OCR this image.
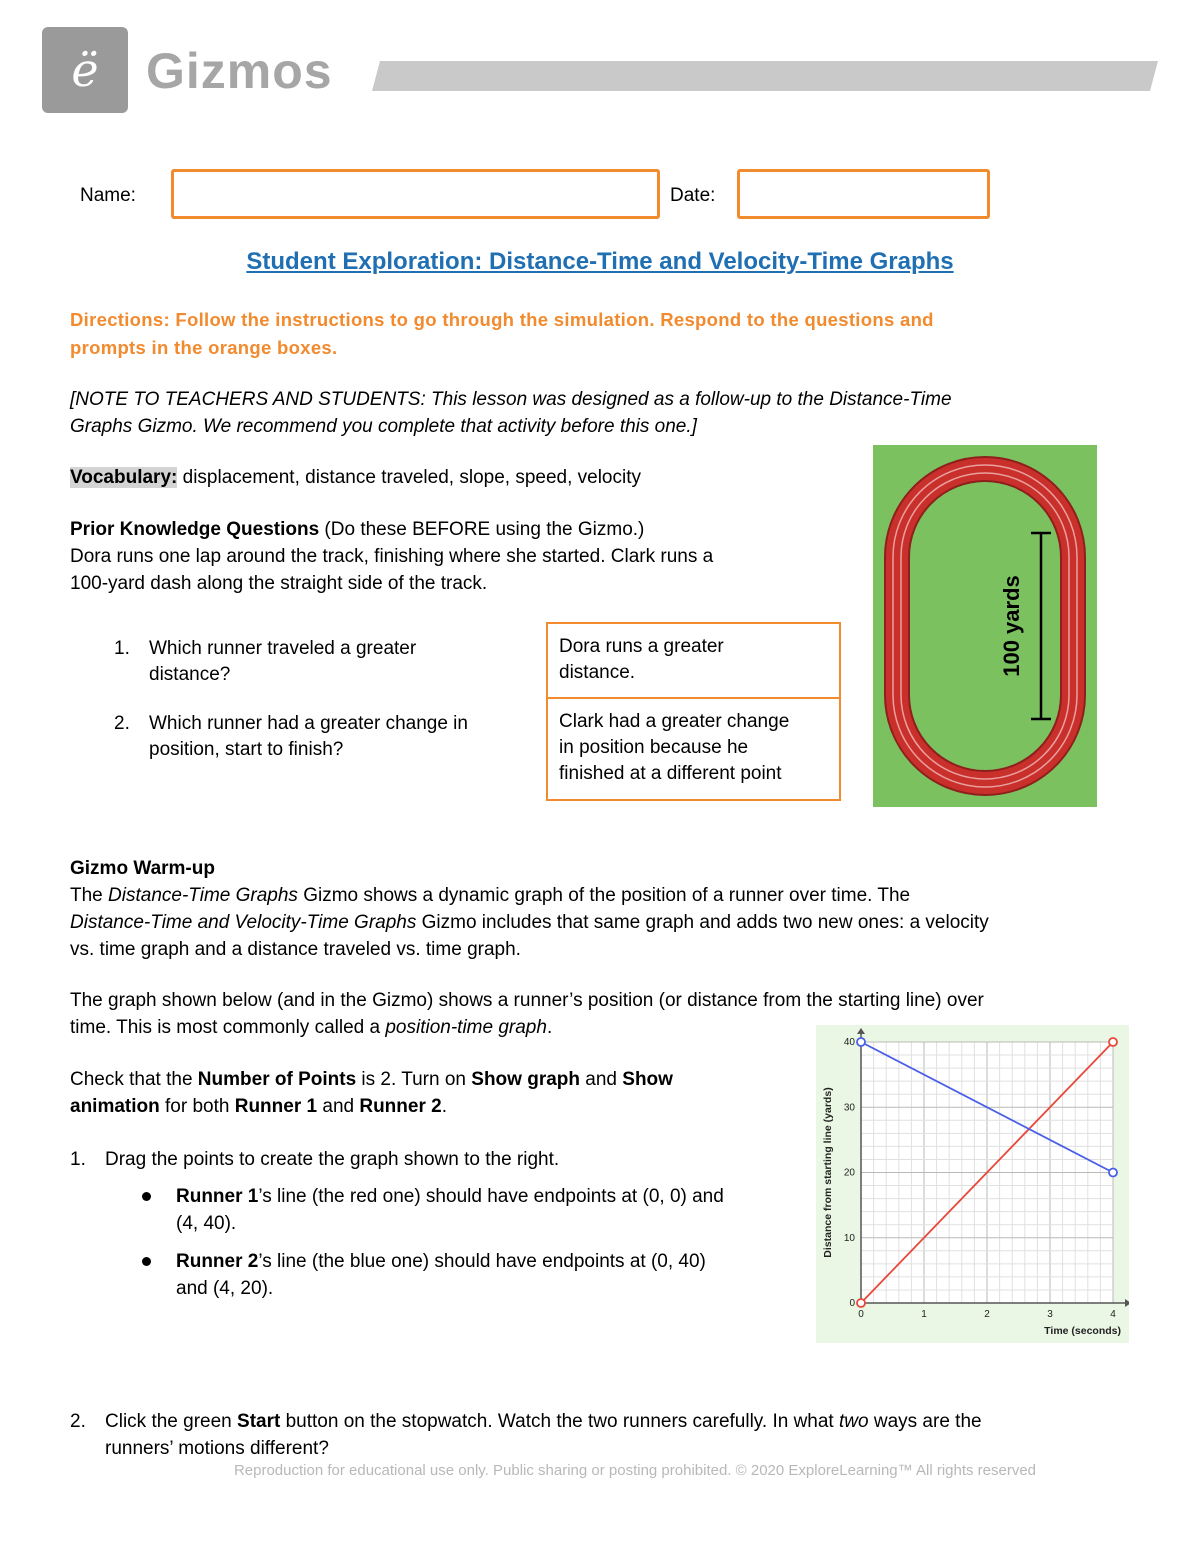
ë Gizmos
Name:	Date:
Student Exploration: Distance-Time and Velocity-Time Graphs
Directions: Follow the instructions to go through the simulation. Respond to the questions and
prompts in the orange boxes.
[NOTE TO TEACHERS AND STUDENTS: This lesson was designed as a follow-up to the Distance-Time
Graphs Gizmo. We recommend you complete that activity before this one.]
Vocabulary: displacement, distance traveled, slope, speed, velocity
Prior Knowledge Questions (Do these BEFORE using the Gizmo.)
Dora runs one lap around the track, finishing where she started. Clark runs a
100-yard dash along the straight side of the track.
1. Which runner traveled a greater
distance?
Dora runs a greater
distance.
2. Which runner had a greater change in
position, start to finish?
Clark had a greater change
in position because he
finished at a different point
100 yards
Gizmo Warm-up
The Distance-Time Graphs Gizmo shows a dynamic graph of the position of a runner over time. The
Distance-Time and Velocity-Time Graphs Gizmo includes that same graph and adds two new ones: a velocity
vs. time graph and a distance traveled vs. time graph.
The graph shown below (and in the Gizmo) shows a runner’s position (or distance from the starting line) over
time. This is most commonly called a position-time graph.
Check that the Number of Points is 2. Turn on Show graph and Show
animation for both Runner 1 and Runner 2.
1. Drag the points to create the graph shown to the right.
Runner 1’s line (the red one) should have endpoints at (0, 0) and
(4, 40).
Runner 2’s line (the blue one) should have endpoints at (0, 40)
and (4, 20).
0	1	2	3	4
0
10
20
30
40
Time (seconds)
Distance from starting line (yards)
2. Click the green Start button on the stopwatch. Watch the two runners carefully. In what two ways are the
runners’ motions different?
Reproduction for educational use only. Public sharing or posting prohibited. © 2020 ExploreLearning™ All rights reserved
